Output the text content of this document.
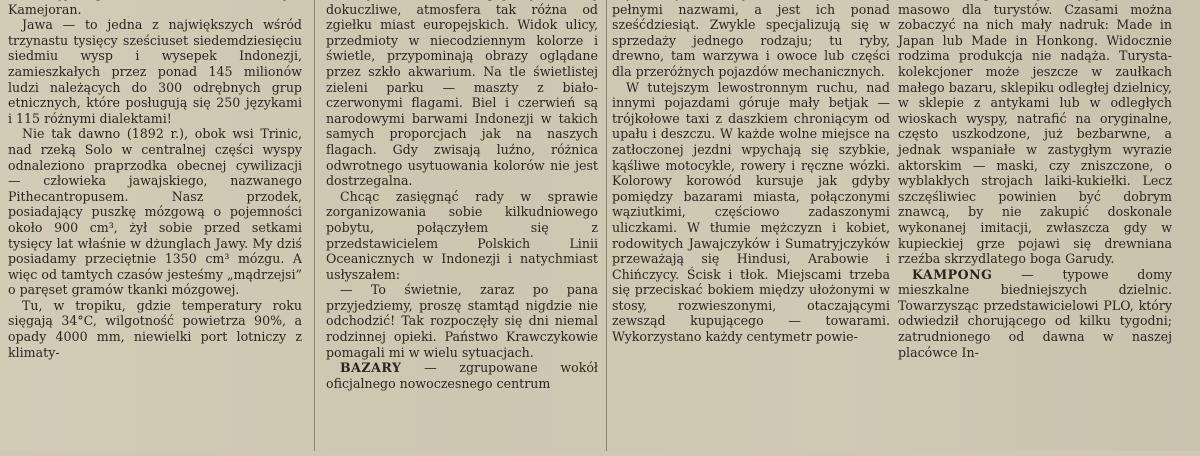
Kamejoran.

Jawa — to jedna z największych wśród trzynastu tysięcy sześciuset siedemdziesięciu siedmiu wysp i wysepek Indonezji, zamieszkałych przez ponad 145 milionów ludzi należących do 300 odrębnych grup etnicznych, które posługują się 250 językami i 115 różnymi dialektami!

Nie tak dawno (1892 r.), obok wsi Trinic, nad rzeką Solo w centralnej części wyspy odnaleziono praprzodka obecnej cywilizacji — człowieka jawajskiego, nazwanego Pithecantropusem. Nasz przodek, posiadający puszkę mózgową o pojemności około 900 cm³, żył sobie przed setkami tysięcy lat właśnie w dżunglach Jawy. My dziś posiadamy przeciętnie 1350 cm³ mózgu. A więc od tamtych czasów jesteśmy „mądrzejsi” o paręset gramów tkanki mózgowej.

Tu, w tropiku, gdzie temperatury roku sięgają 34°C, wilgotność powietrza 90%, a opady 4000 mm, niewielki port lotniczy z klimaty-

dokuczliwe, atmosfera tak różna od zgiełku miast europejskich. Widok ulicy, przedmioty w niecodziennym kolorze i świetle, przypominają obrazy oglądane przez szkło akwarium. Na tle świetlistej zieleni parku — maszty z biało-czerwonymi flagami. Biel i czerwień są narodowymi barwami Indonezji w takich samych proporcjach jak na naszych flagach. Gdy zwisają luźno, różnica odwrotnego usytuowania kolorów nie jest dostrzegalna.

Chcąc zasięgnąć rady w sprawie zorganizowania sobie kilkudniowego pobytu, połączyłem się z przedstawicielem Polskich Linii Oceanicznych w Indonezji i natychmiast usłyszałem:

— To świetnie, zaraz po pana przyjedziemy, proszę stamtąd nigdzie nie odchodzić! Tak rozpoczęły się dni niemal rodzinnej opieki. Państwo Krawczykowie pomagali mi w wielu sytuacjach.

BAZARY — zgrupowane wokół oficjalnego nowoczesnego centrum

pełnymi nazwami, a jest ich ponad sześćdziesiąt. Zwykle specjalizują się w sprzedaży jednego rodzaju; tu ryby, drewno, tam warzywa i owoce lub części dla przeróżnych pojazdów mechanicznych.

W tutejszym lewostronnym ruchu, nad innymi pojazdami góruje mały betjak — trójkołowe taxi z daszkiem chroniącym od upału i deszczu. W każde wolne miejsce na zatłoczonej jezdni wpychają się szybkie, kąśliwe motocykle, rowery i ręczne wózki. Kolorowy korowód kursuje jak gdyby pomiędzy bazarami miasta, połączonymi wąziutkimi, częściowo zadaszonymi uliczkami. W tłumie mężczyzn i kobiet, rodowitych Jawajczyków i Sumatryjczyków przeważają się Hindusi, Arabowie i Chińczycy. Ścisk i tłok. Miejscami trzeba się przeciskać bokiem między ułożonymi w stosy, rozwieszonymi, otaczającymi zewsząd kupującego — towarami. Wykorzystano każdy centymetr powie-

masowo dla turystów. Czasami można zobaczyć na nich mały nadruk: Made in Japan lub Made in Honkong. Widocznie rodzima produkcja nie nadąża. Turysta-kolekcjoner może jeszcze w zaułkach małego bazaru, sklepiku odległej dzielnicy, w sklepie z antykami lub w odległych wioskach wyspy, natrafić na oryginalne, często uszkodzone, już bezbarwne, a jednak wspaniałe w zastygłym wyrazie aktorskim — maski, czy zniszczone, o wyblakłych strojach laiki-kukiełki. Lecz szczęśliwiec powinien być dobrym znawcą, by nie zakupić doskonale wykonanej imitacji, zwłaszcza gdy w kupieckiej grze pojawi się drewniana rzeźba skrzydlatego boga Garudy.

KAMPONG — typowe domy mieszkalne biedniejszych dzielnic. Towarzysząc przedstawicielowi PLO, który odwiedził chorującego od kilku tygodni; zatrudnionego od dawna w naszej placówce In-
